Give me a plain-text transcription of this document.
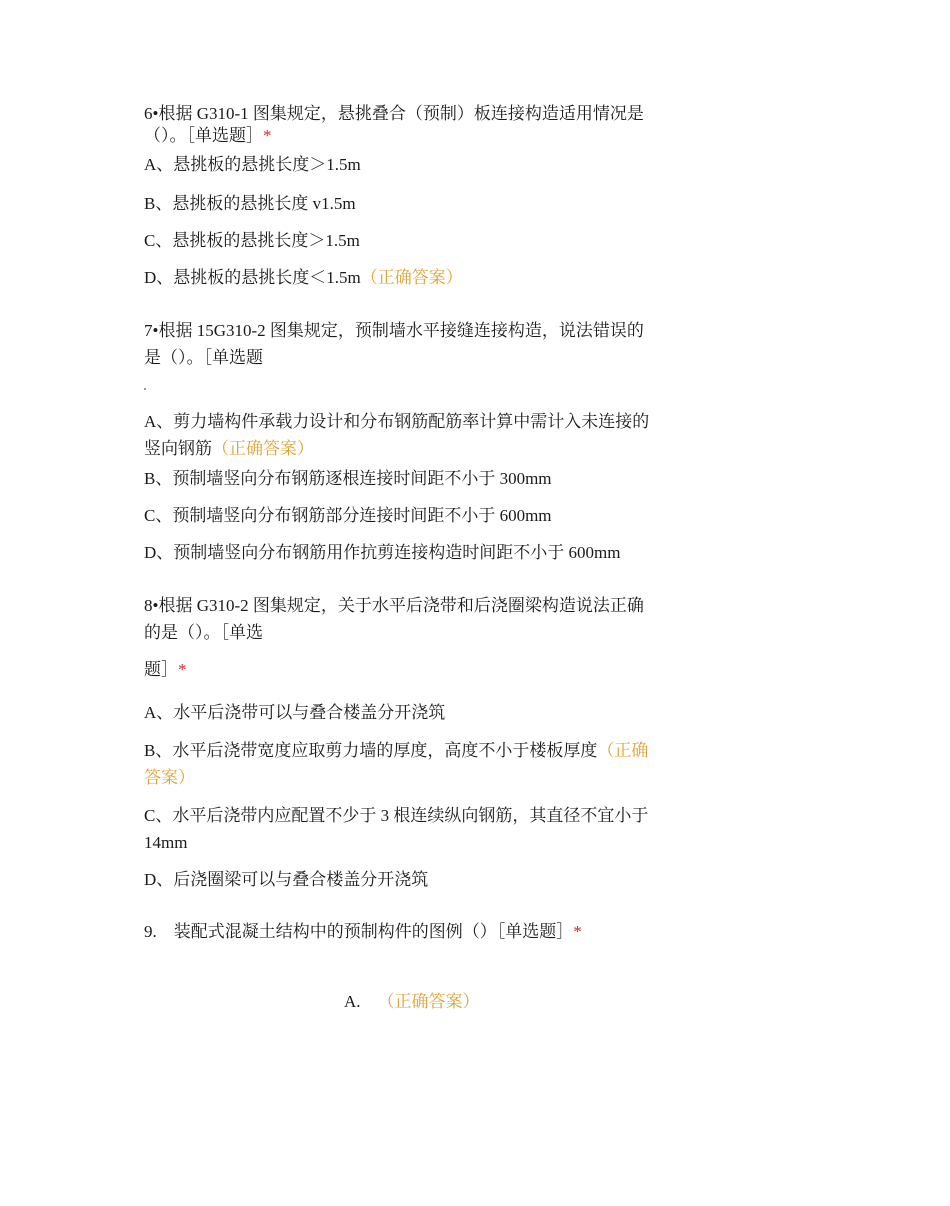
6•根据 G310-1 图集规定，悬挑叠合（预制）板连接构造适用情况是
（）。［单选题］*
A、悬挑板的悬挑长度＞1.5m
B、悬挑板的悬挑长度 v1.5m
C、悬挑板的悬挑长度＞1.5m
D、悬挑板的悬挑长度＜1.5m（正确答案）
7•根据 15G310-2 图集规定，预制墙水平接缝连接构造，说法错误的
是（）。［单选题
A、剪力墙构件承载力设计和分布钢筋配筋率计算中需计入未连接的
竖向钢筋（正确答案）
B、预制墙竖向分布钢筋逐根连接时间距不小于 300mm
C、预制墙竖向分布钢筋部分连接时间距不小于 600mm
D、预制墙竖向分布钢筋用作抗剪连接构造时间距不小于 600mm
8•根据 G310-2 图集规定，关于水平后浇带和后浇圈梁构造说法正确
的是（）。［单选
题］*
A、水平后浇带可以与叠合楼盖分开浇筑
B、水平后浇带宽度应取剪力墙的厚度，高度不小于楼板厚度（正确
答案）
C、水平后浇带内应配置不少于 3 根连续纵向钢筋，其直径不宜小于
14mm
D、后浇圈梁可以与叠合楼盖分开浇筑
9. 装配式混凝土结构中的预制构件的图例（）［单选题］*
A. （正确答案）
